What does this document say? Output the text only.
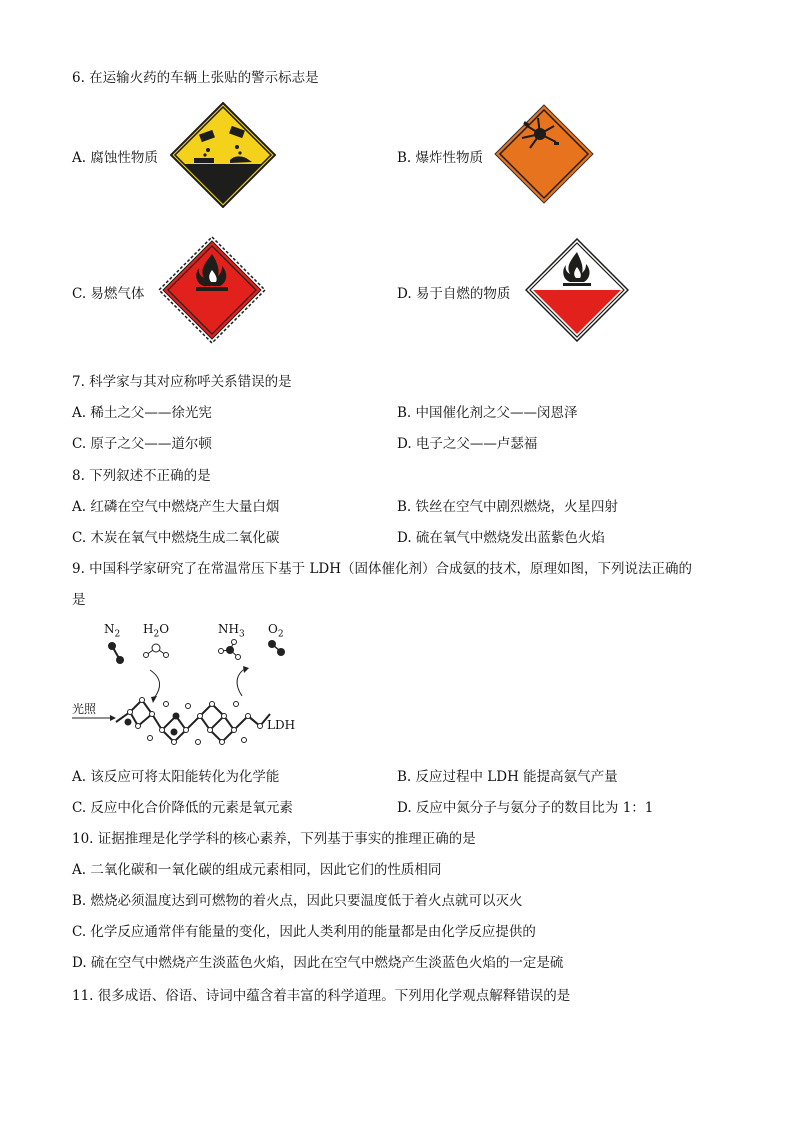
6. 在运输火药的车辆上张贴的警示标志是
A. 腐蚀性物质	B. 爆炸性物质
C. 易燃气体	D. 易于自燃的物质
7. 科学家与其对应称呼关系错误的是
A. 稀土之父——徐光宪	B. 中国催化剂之父——闵恩泽
C. 原子之父——道尔顿	D. 电子之父——卢瑟福
8. 下列叙述不正确的是
A. 红磷在空气中燃烧产生大量白烟	B. 铁丝在空气中剧烈燃烧，火星四射
C. 木炭在氧气中燃烧生成二氧化碳	D. 硫在氧气中燃烧发出蓝紫色火焰
9. 中国科学家研究了在常温常压下基于 LDH（固体催化剂）合成氨的技术，原理如图，下列说法正确的
是
$N_2$ $H_2O$	$NH_3$ $O_2$
光照
LDH
A. 该反应可将太阳能转化为化学能	B. 反应过程中 LDH 能提高氨气产量
C. 反应中化合价降低的元素是氧元素	D. 反应中氮分子与氨分子的数目比为 1：1
10. 证据推理是化学学科的核心素养，下列基于事实的推理正确的是
A. 二氧化碳和一氧化碳的组成元素相同，因此它们的性质相同
B. 燃烧必须温度达到可燃物的着火点，因此只要温度低于着火点就可以灭火
C. 化学反应通常伴有能量的变化，因此人类利用的能量都是由化学反应提供的
D. 硫在空气中燃烧产生淡蓝色火焰，因此在空气中燃烧产生淡蓝色火焰的一定是硫
11. 很多成语、俗语、诗词中蕴含着丰富的科学道理。下列用化学观点解释错误的是
